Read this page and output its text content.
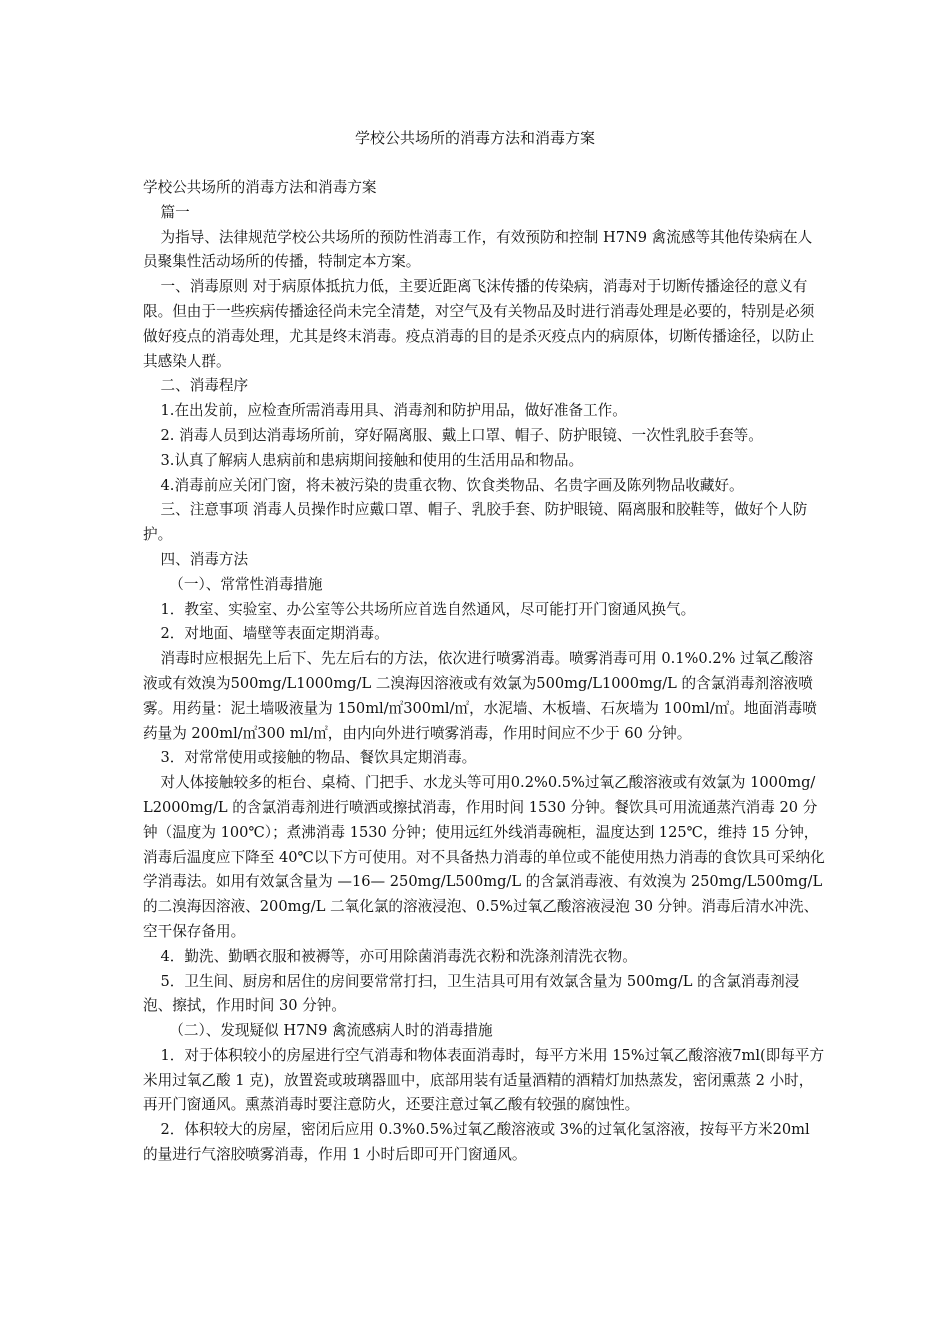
学校公共场所的消毒方法和消毒方案

学校公共场所的消毒方法和消毒方案

篇一

为指导、法律规范学校公共场所的预防性消毒工作，有效预防和控制 H7N9 禽流感等其他传染病在人员聚集性活动场所的传播，特制定本方案。

一、消毒原则 对于病原体抵抗力低，主要近距离飞沫传播的传染病，消毒对于切断传播途径的意义有限。但由于一些疾病传播途径尚未完全清楚，对空气及有关物品及时进行消毒处理是必要的，特别是必须做好疫点的消毒处理，尤其是终末消毒。疫点消毒的目的是杀灭疫点内的病原体，切断传播途径，以防止其感染人群。

二、消毒程序

1.在出发前，应检查所需消毒用具、消毒剂和防护用品，做好准备工作。

2. 消毒人员到达消毒场所前，穿好隔离服、戴上口罩、帽子、防护眼镜、一次性乳胶手套等。

3.认真了解病人患病前和患病期间接触和使用的生活用品和物品。

4.消毒前应关闭门窗，将未被污染的贵重衣物、饮食类物品、名贵字画及陈列物品收藏好。

三、注意事项 消毒人员操作时应戴口罩、帽子、乳胶手套、防护眼镜、隔离服和胶鞋等，做好个人防护。

四、消毒方法

（一）、常常性消毒措施

1．教室、实验室、办公室等公共场所应首选自然通风，尽可能打开门窗通风换气。

2．对地面、墙壁等表面定期消毒。

消毒时应根据先上后下、先左后右的方法，依次进行喷雾消毒。喷雾消毒可用 0.1%0.2% 过氧乙酸溶液或有效溴为500mg/L1000mg/L 二溴海因溶液或有效氯为500mg/L1000mg/L 的含氯消毒剂溶液喷雾。用药量：泥土墙吸液量为 150ml/㎡300ml/㎡，水泥墙、木板墙、石灰墙为 100ml/㎡。地面消毒喷药量为 200ml/㎡300 ml/㎡，由内向外进行喷雾消毒，作用时间应不少于 60 分钟。

3．对常常使用或接触的物品、餐饮具定期消毒。

对人体接触较多的柜台、桌椅、门把手、水龙头等可用0.2%0.5%过氧乙酸溶液或有效氯为 1000mg/L2000mg/L 的含氯消毒剂进行喷洒或擦拭消毒，作用时间 1530 分钟。餐饮具可用流通蒸汽消毒 20 分钟（温度为 100℃）；煮沸消毒 1530 分钟；使用远红外线消毒碗柜，温度达到 125℃，维持 15 分钟，消毒后温度应下降至 40℃以下方可使用。对不具备热力消毒的单位或不能使用热力消毒的食饮具可采纳化学消毒法。如用有效氯含量为 —16— 250mg/L500mg/L 的含氯消毒液、有效溴为 250mg/L500mg/L 的二溴海因溶液、200mg/L 二氧化氯的溶液浸泡、0.5%过氧乙酸溶液浸泡 30 分钟。消毒后清水冲洗、空干保存备用。

4．勤洗、勤晒衣服和被褥等，亦可用除菌消毒洗衣粉和洗涤剂清洗衣物。

5．卫生间、厨房和居住的房间要常常打扫，卫生洁具可用有效氯含量为 500mg/L 的含氯消毒剂浸泡、擦拭，作用时间 30 分钟。

（二）、发现疑似 H7N9 禽流感病人时的消毒措施

1．对于体积较小的房屋进行空气消毒和物体表面消毒时，每平方米用 15%过氧乙酸溶液7ml(即每平方米用过氧乙酸 1 克)，放置瓷或玻璃器皿中，底部用装有适量酒精的酒精灯加热蒸发，密闭熏蒸 2 小时，再开门窗通风。熏蒸消毒时要注意防火，还要注意过氧乙酸有较强的腐蚀性。

2．体积较大的房屋，密闭后应用 0.3%0.5%过氧乙酸溶液或 3%的过氧化氢溶液，按每平方米20ml 的量进行气溶胶喷雾消毒，作用 1 小时后即可开门窗通风。
